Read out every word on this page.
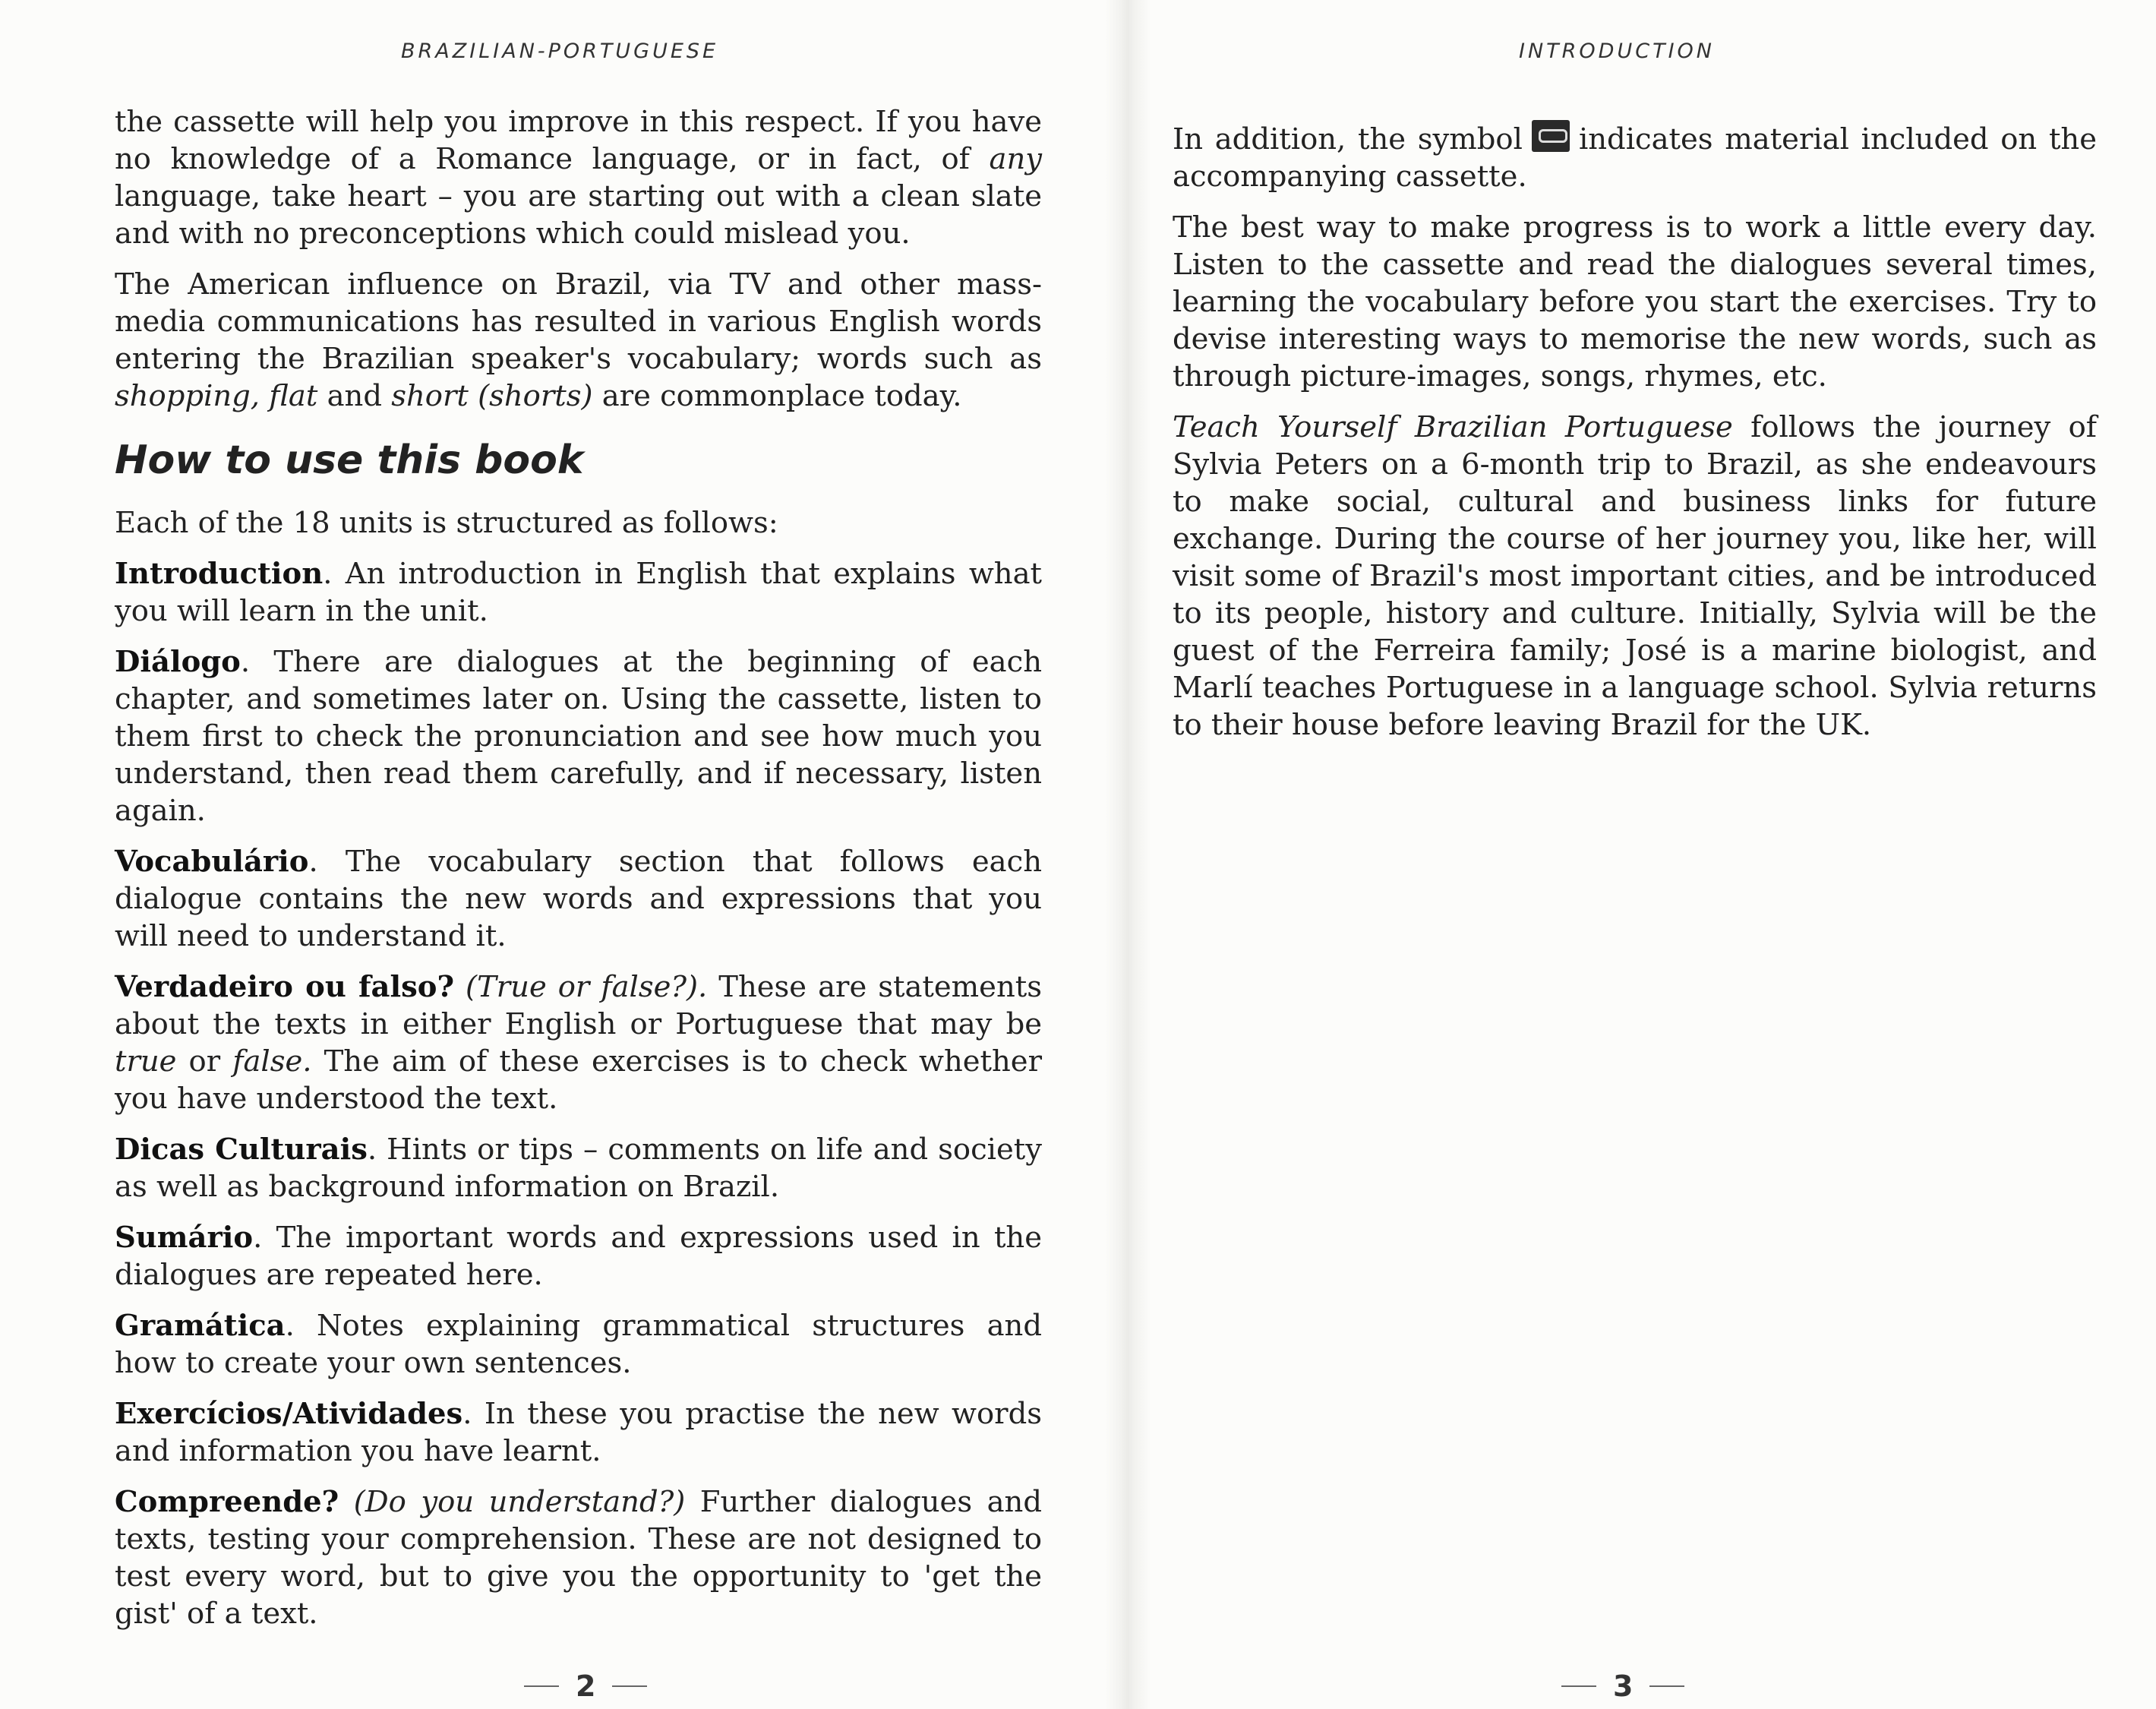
BRAZILIAN-PORTUGUESE

the cassette will help you improve in this respect. If you have no knowledge of a Romance language, or in fact, of any language, take heart – you are starting out with a clean slate and with no preconceptions which could mislead you.

The American influence on Brazil, via TV and other mass-media communications has resulted in various English words entering the Brazilian speaker's vocabulary; words such as shopping, flat and short (shorts) are commonplace today.

How to use this book

Each of the 18 units is structured as follows:

Introduction. An introduction in English that explains what you will learn in the unit.

Diálogo. There are dialogues at the beginning of each chapter, and sometimes later on. Using the cassette, listen to them first to check the pronunciation and see how much you understand, then read them carefully, and if necessary, listen again.

Vocabulário. The vocabulary section that follows each dialogue contains the new words and expressions that you will need to understand it.

Verdadeiro ou falso? (True or false?). These are statements about the texts in either English or Portuguese that may be true or false. The aim of these exercises is to check whether you have understood the text.

Dicas Culturais. Hints or tips – comments on life and society as well as background information on Brazil.

Sumário. The important words and expressions used in the dialogues are repeated here.

Gramática. Notes explaining grammatical structures and how to create your own sentences.

Exercícios/Atividades. In these you practise the new words and information you have learnt.

Compreende? (Do you understand?) Further dialogues and texts, testing your comprehension. These are not designed to test every word, but to give you the opportunity to 'get the gist' of a text.

2
INTRODUCTION

In addition, the symbol indicates material included on the accompanying cassette.

The best way to make progress is to work a little every day. Listen to the cassette and read the dialogues several times, learning the vocabulary before you start the exercises. Try to devise interesting ways to memorise the new words, such as through picture-images, songs, rhymes, etc.

Teach Yourself Brazilian Portuguese follows the journey of Sylvia Peters on a 6-month trip to Brazil, as she endeavours to make social, cultural and business links for future exchange. During the course of her journey you, like her, will visit some of Brazil's most important cities, and be introduced to its people, history and culture. Initially, Sylvia will be the guest of the Ferreira family; José is a marine biologist, and Marlí teaches Portuguese in a language school. Sylvia returns to their house before leaving Brazil for the UK.

3
